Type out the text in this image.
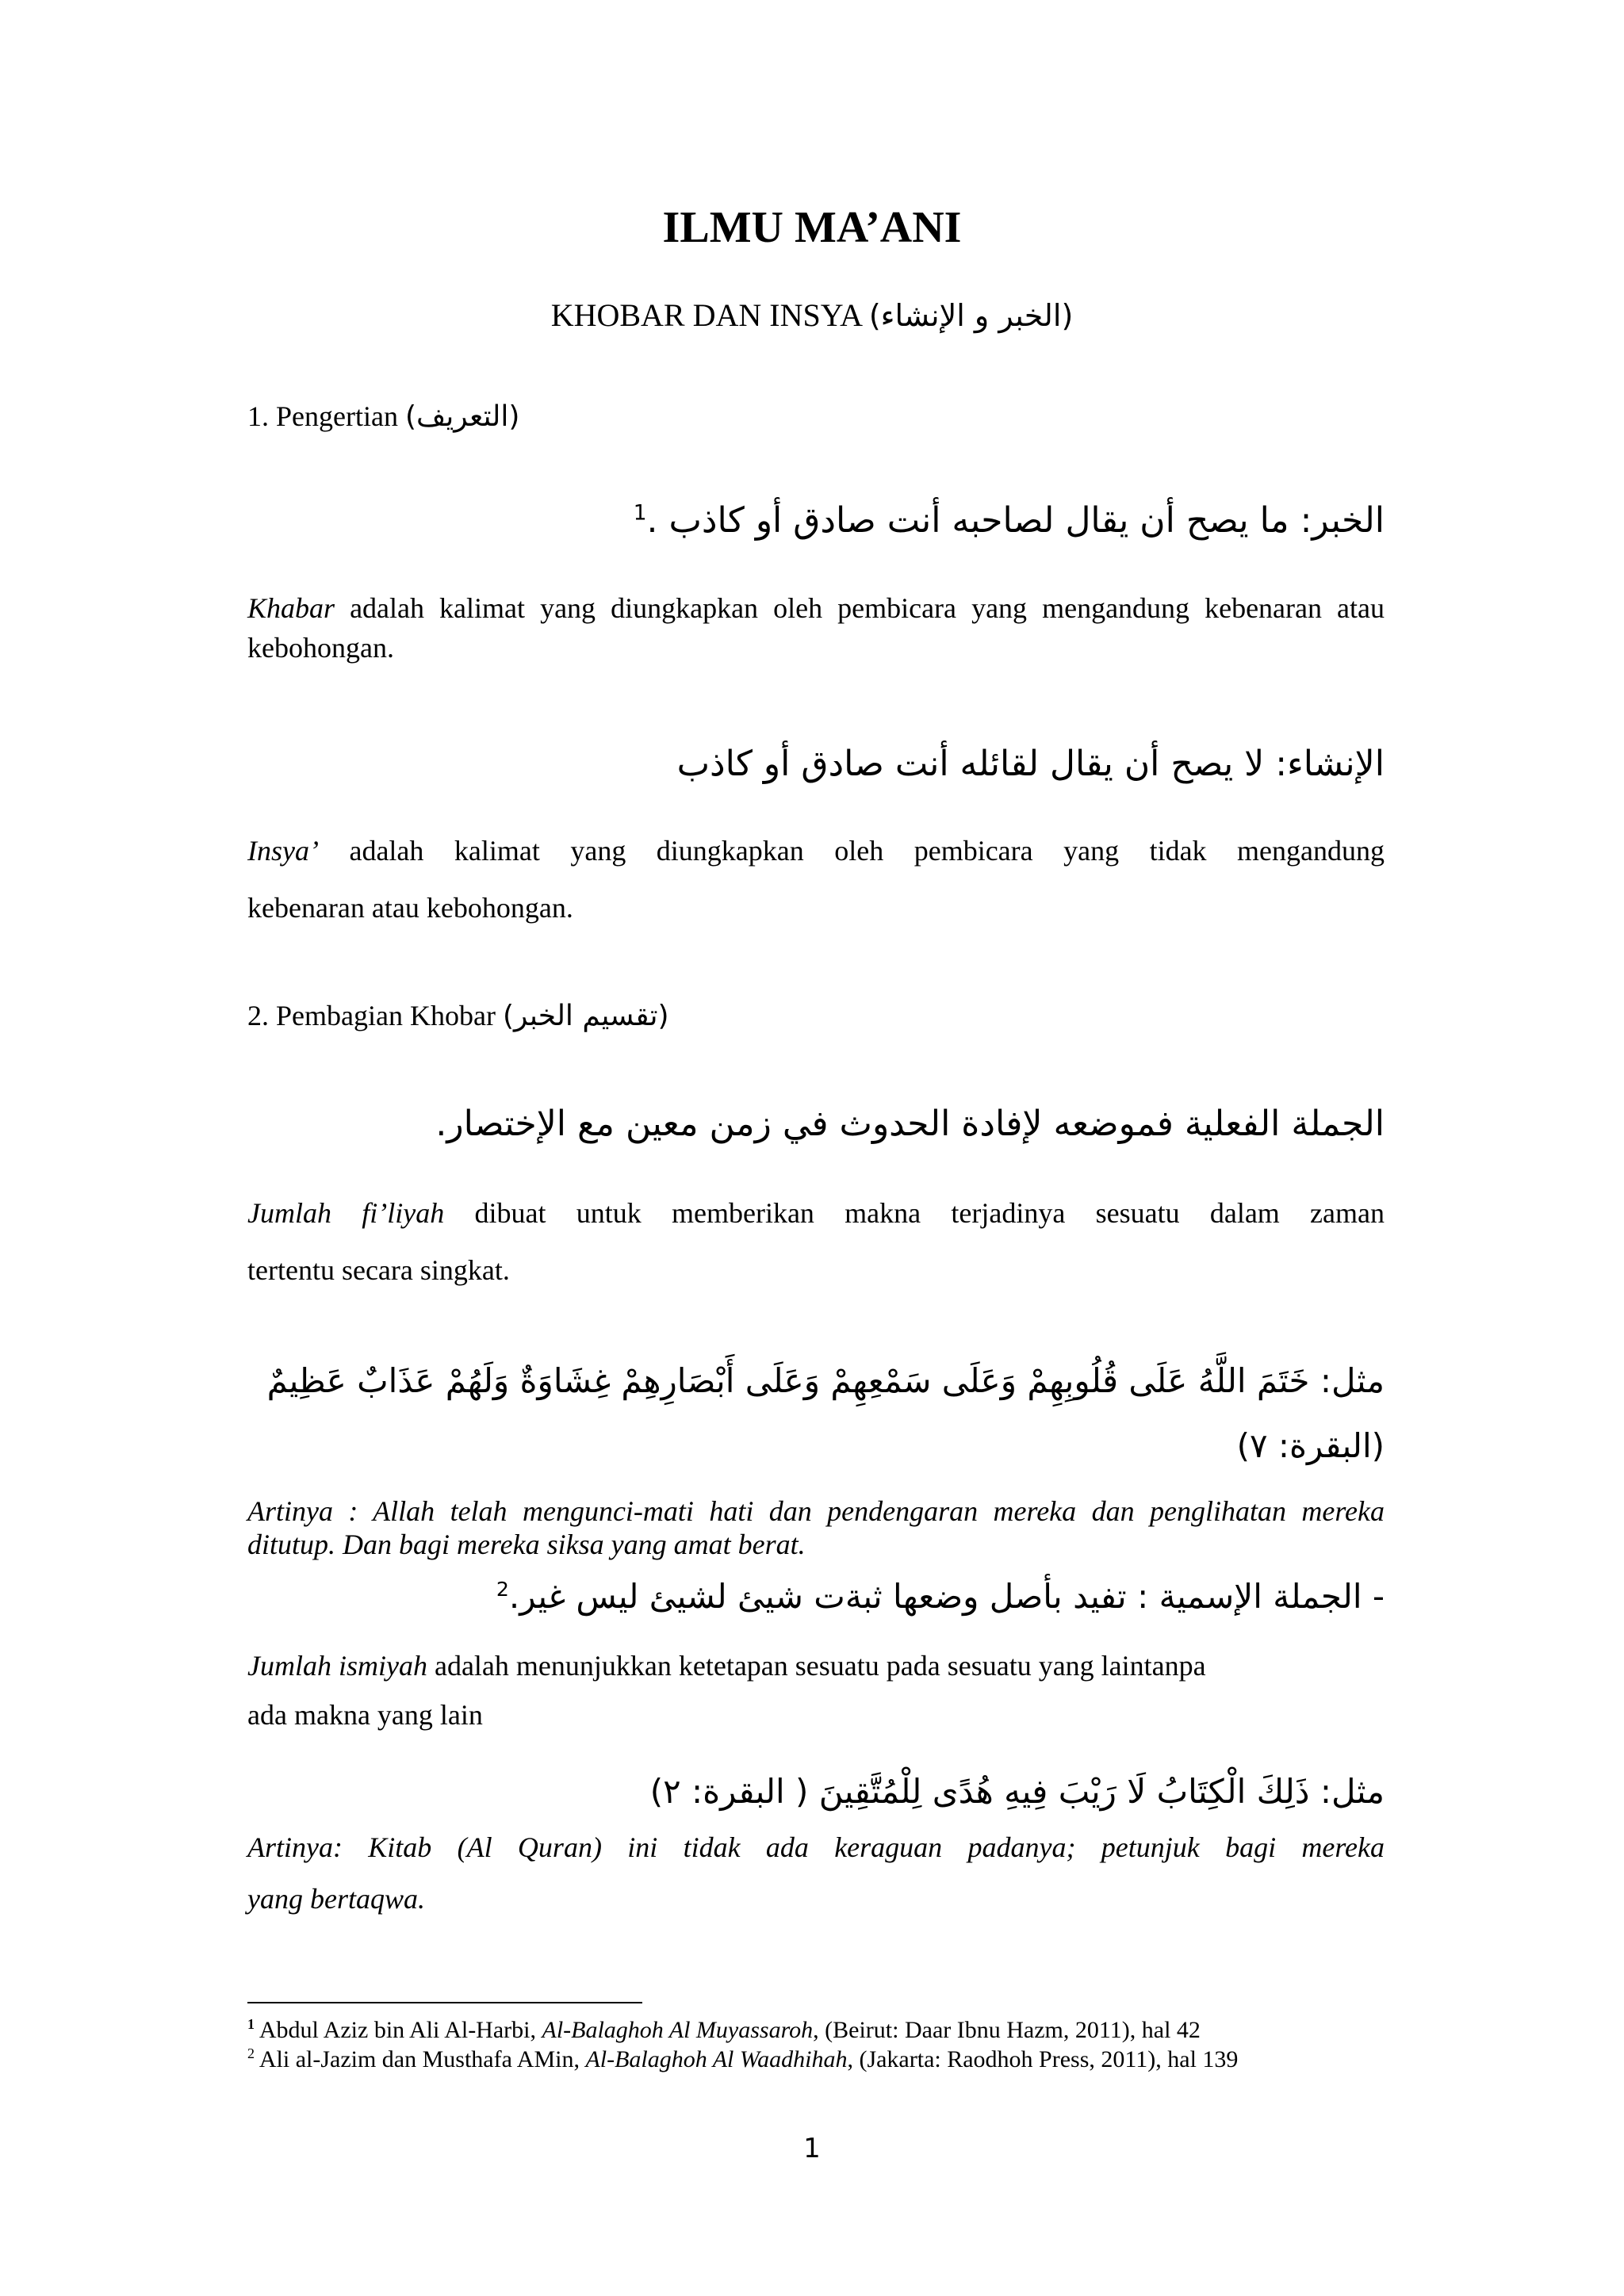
ILMU MA’ANI
KHOBAR DAN INSYA (الخبر و الإنشاء)
1. Pengertian (التعريف)
الخبر: ما يصح أن يقال لصاحبه أنت صادق أو كاذب .$^1$
Khabar adalah kalimat yang diungkapkan oleh pembicara yang mengandung kebenaran atau kebohongan.
الإنشاء: لا يصح أن يقال لقائله أنت صادق أو كاذب
Insya’ adalah kalimat yang diungkapkan oleh pembicara yang tidak mengandung
kebenaran atau kebohongan.
2. Pembagian Khobar (تقسيم الخبر)
الجملة الفعلية فموضعه لإفادة الحدوث في زمن معين مع الإختصار.
Jumlah fi’liyah dibuat untuk memberikan makna terjadinya sesuatu dalam zaman
tertentu secara singkat.
مثل: خَتَمَ اللَّهُ عَلَى قُلُوبِهِمْ وَعَلَى سَمْعِهِمْ وَعَلَى أَبْصَارِهِمْ غِشَاوَةٌ وَلَهُمْ عَذَابٌ عَظِيمٌ
(البقرة: ٧)
Artinya : Allah telah mengunci-mati hati dan pendengaran mereka dan penglihatan mereka ditutup. Dan bagi mereka siksa yang amat berat.
- الجملة الإسمية : تفيد بأصل وضعها ثبة‌ت شيئ لشيئ ليس غير.$^2$
Jumlah ismiyah adalah menunjukkan ketetapan sesuatu pada sesuatu yang laintanpa
ada makna yang lain
مثل: ذَلِكَ الْكِتَابُ لَا رَيْبَ فِيهِ هُدًى لِلْمُتَّقِينَ ( البقرة: ٢)
Artinya: Kitab (Al Quran) ini tidak ada keraguan padanya; petunjuk bagi mereka
yang bertaqwa.
$^1$ Abdul Aziz bin Ali Al-Harbi, Al-Balaghoh Al Muyassaroh, (Beirut: Daar Ibnu Hazm, 2011), hal 42
$^2$ Ali al-Jazim dan Musthafa AMin, Al-Balaghoh Al Waadhihah, (Jakarta: Raodhoh Press, 2011), hal 139
1
